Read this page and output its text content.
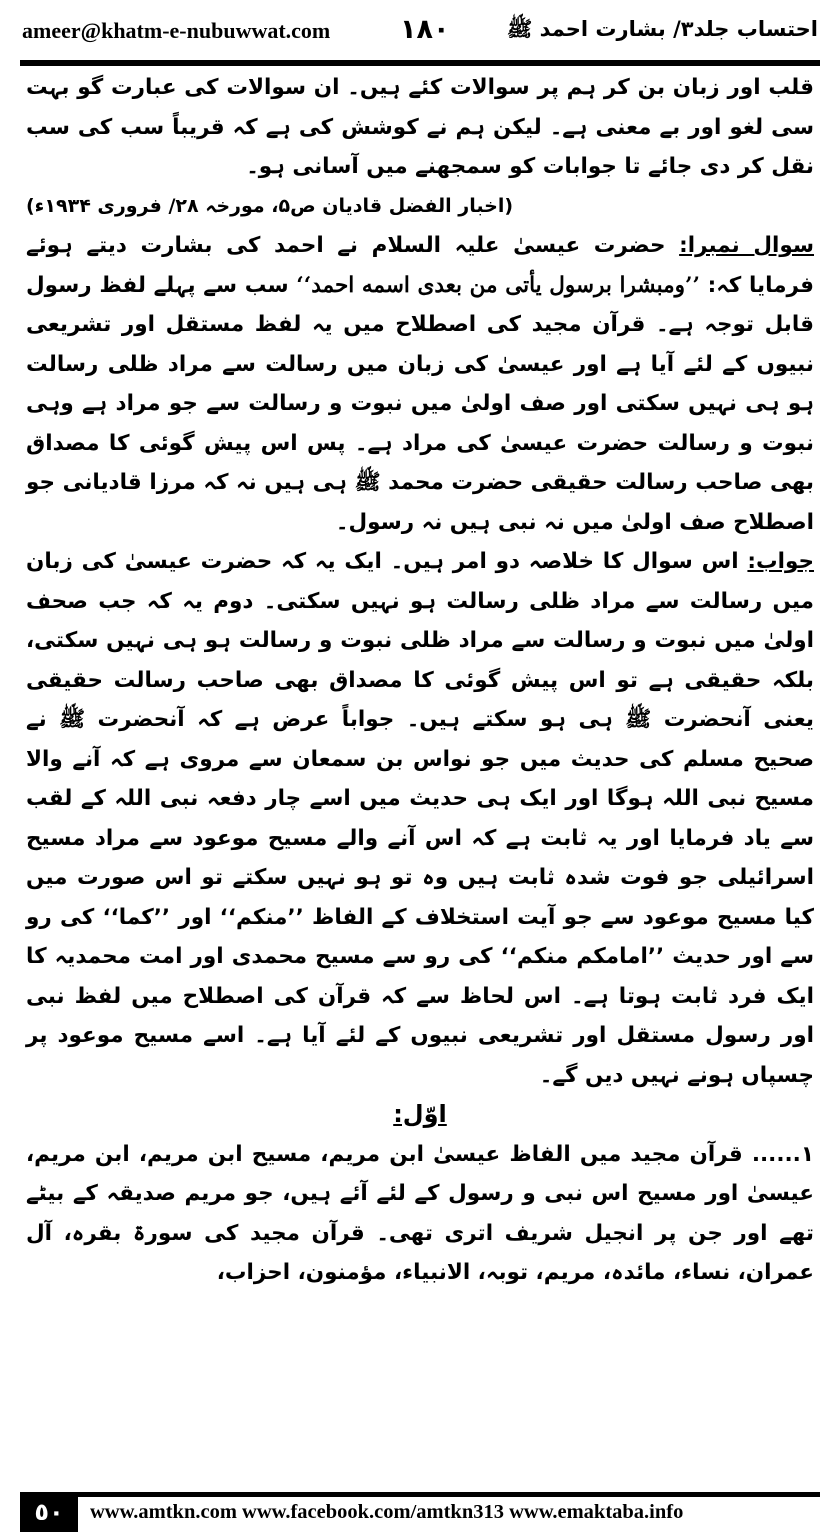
ameer@khatm-e-nubuwwat.com	١٨٠	احتساب جلد٣/ بشارت احمد ﷺ

قلب اور زبان بن کر ہم پر سوالات کئے ہیں۔ ان سوالات کی عبارت گو بہت سی لغو اور بے معنی ہے۔ لیکن ہم نے کوشش کی ہے کہ قریباً سب کی سب نقل کر دی جائے تا جوابات کو سمجھنے میں آسانی ہو۔
(اخبار الفضل قادیان ص۵، مورخہ ۲۸/ فروری ۱۹۳۴ء)

سوال نمبرا: حضرت عیسیٰ علیہ السلام نے احمد کی بشارت دیتے ہوئے فرمایا کہ: ’’ومبشرا برسول یأتی من بعدی اسمه احمد‘‘ سب سے پہلے لفظ رسول قابل توجہ ہے۔ قرآن مجید کی اصطلاح میں یہ لفظ مستقل اور تشریعی نبیوں کے لئے آیا ہے اور عیسیٰ کی زبان میں رسالت سے مراد ظلی رسالت ہو ہی نہیں سکتی اور صف اولیٰ میں نبوت و رسالت سے جو مراد ہے وہی نبوت و رسالت حضرت عیسیٰ کی مراد ہے۔ پس اس پیش گوئی کا مصداق بھی صاحب رسالت حقیقی حضرت محمد ﷺ ہی ہیں نہ کہ مرزا قادیانی جو اصطلاح صف اولیٰ میں نہ نبی ہیں نہ رسول۔

جواب: اس سوال کا خلاصہ دو امر ہیں۔ ایک یہ کہ حضرت عیسیٰ کی زبان میں رسالت سے مراد ظلی رسالت ہو نہیں سکتی۔ دوم یہ کہ جب صحف اولیٰ میں نبوت و رسالت سے مراد ظلی نبوت و رسالت ہو ہی نہیں سکتی، بلکہ حقیقی ہے تو اس پیش گوئی کا مصداق بھی صاحب رسالت حقیقی یعنی آنحضرت ﷺ ہی ہو سکتے ہیں۔ جواباً عرض ہے کہ آنحضرت ﷺ نے صحیح مسلم کی حدیث میں جو نواس بن سمعان سے مروی ہے کہ آنے والا مسیح نبی اللہ ہوگا اور ایک ہی حدیث میں اسے چار دفعہ نبی اللہ کے لقب سے یاد فرمایا اور یہ ثابت ہے کہ اس آنے والے مسیح موعود سے مراد مسیح اسرائیلی جو فوت شدہ ثابت ہیں وہ تو ہو نہیں سکتے تو اس صورت میں کیا مسیح موعود سے جو آیت استخلاف کے الفاظ ’’منکم‘‘ اور ’’کما‘‘ کی رو سے اور حدیث ’’امامکم منکم‘‘ کی رو سے مسیح محمدی اور امت محمدیہ کا ایک فرد ثابت ہوتا ہے۔ اس لحاظ سے کہ قرآن کی اصطلاح میں لفظ نبی اور رسول مستقل اور تشریعی نبیوں کے لئے آیا ہے۔ اسے مسیح موعود پر چسپاں ہونے نہیں دیں گے۔

اوّل:

١...... قرآن مجید میں الفاظ عیسیٰ ابن مریم، مسیح ابن مریم، ابن مریم، عیسیٰ اور مسیح اس نبی و رسول کے لئے آئے ہیں، جو مریم صدیقہ کے بیٹے تھے اور جن پر انجیل شریف اتری تھی۔ قرآن مجید کی سورۃ بقرہ، آل عمران، نساء، مائدہ، مریم، توبہ، الانبیاء، مؤمنون، احزاب،

٥٠	www.amtkn.com www.facebook.com/amtkn313 www.emaktaba.info
